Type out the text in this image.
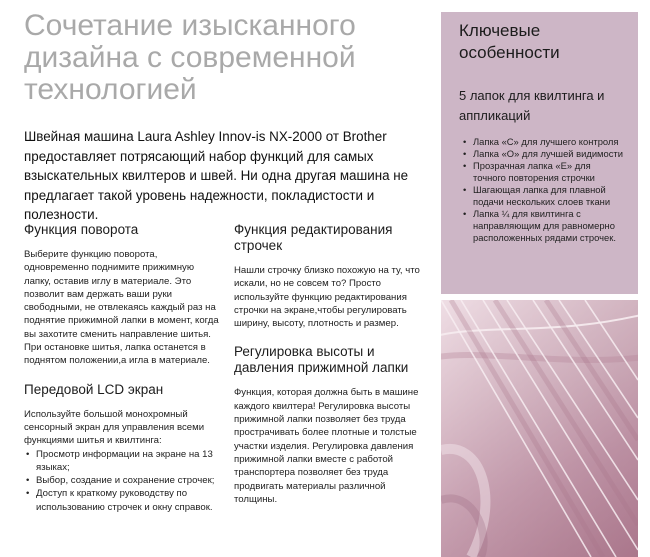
Сочетание изысканного дизайна с современной технологией

Швейная машина Laura Ashley Innov-is NX-2000 от Brother предоставляет потрясающий набор функций для самых взыскательных квилтеров и швей. Ни одна другая машина не предлагает такой уровень надежности, покладистости и полезности.

Функция поворота

Выберите функцию поворота, одновременно поднимите прижимную лапку, оставив иглу в материале. Это позволит вам держать ваши руки свободными, не отвлекаясь каждый раз на поднятие прижимной лапки в момент, когда вы захотите сменить направление шитья. При остановке шитья, лапка останется в поднятом положении,а игла в материале.

Передовой LCD экран

Используйте большой монохромный сенсорный экран для управления всеми функциями шитья и квилтинга:

• Просмотр информации на экране на 13 языках;
• Выбор, создание и сохранение строчек;
• Доступ к краткому руководству по использованию строчек и окну справок.
Функция редактирования строчек

Нашли строчку близко похожую на ту, что искали, но не совсем то? Просто используйте функцию редактирования строчки на экране,чтобы регулировать ширину, высоту, плотность и размер.

Регулировка высоты и давления прижимной лапки

Функция, которая должна быть в машине каждого квилтера! Регулировка высоты прижимной лапки позволяет без труда прострачивать более плотные и толстые участки изделия. Регулировка давления прижимной лапки вместе с работой транспортера позволяет без труда продвигать материалы различной толщины.

Ключевые особенности

5 лапок для квилтинга и аппликаций

• Лапка «С» для лучшего контроля
• Лапка «О» для лучшей видимости
• Прозрачная лапка «Е» для точного повторения строчки
• Шагающая лапка для плавной подачи нескольких слоев ткани
• Лапка ¼ для квилтинга с направляющим для равномерно расположенных рядами строчек.
